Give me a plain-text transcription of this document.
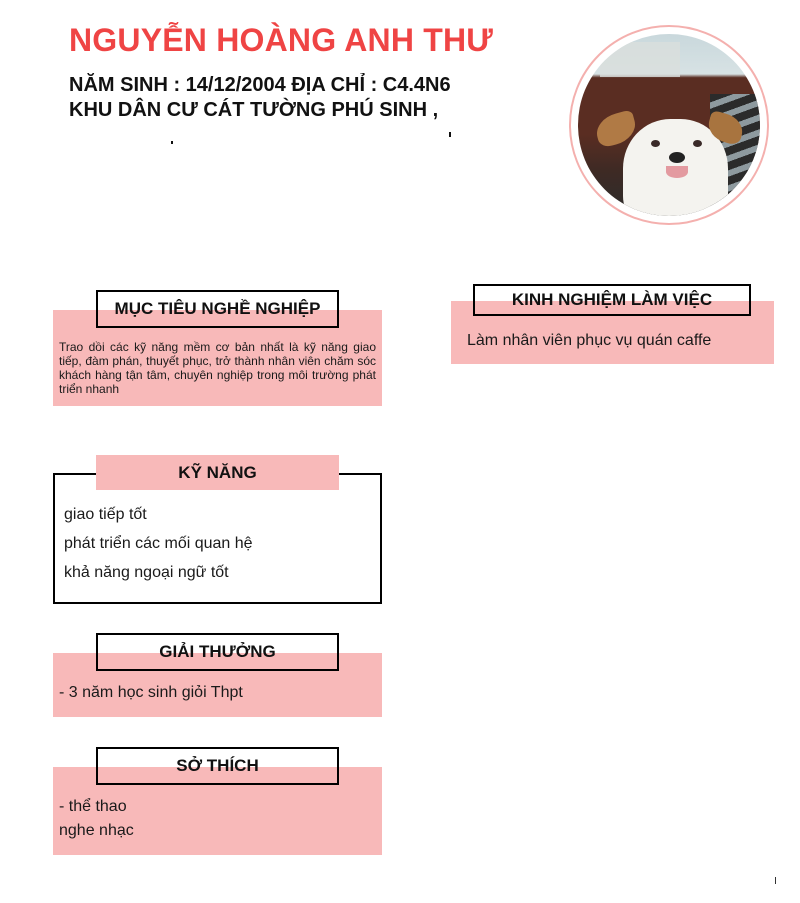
NGUYỄN HOÀNG ANH THƯ
NĂM SINH : 14/12/2004 ĐỊA CHỈ : C4.4N6 KHU DÂN CƯ CÁT TƯỜNG PHÚ SINH ,
MỤC TIÊU NGHỀ NGHIỆP
Trao dồi các kỹ năng mềm cơ bản nhất là kỹ năng giao tiếp, đàm phán, thuyết phục, trở thành nhân viên chăm sóc khách hàng tận tâm, chuyên nghiệp trong môi trường phát triển nhanh
KINH NGHIỆM LÀM VIỆC
Làm nhân viên phục vụ quán caffe
KỸ NĂNG
giao tiếp tốt
phát triển các mối quan hệ
khả năng ngoại ngữ tốt
GIẢI THƯỞNG
- 3 năm học sinh giỏi Thpt
SỞ THÍCH
- thể thao
nghe nhạc
